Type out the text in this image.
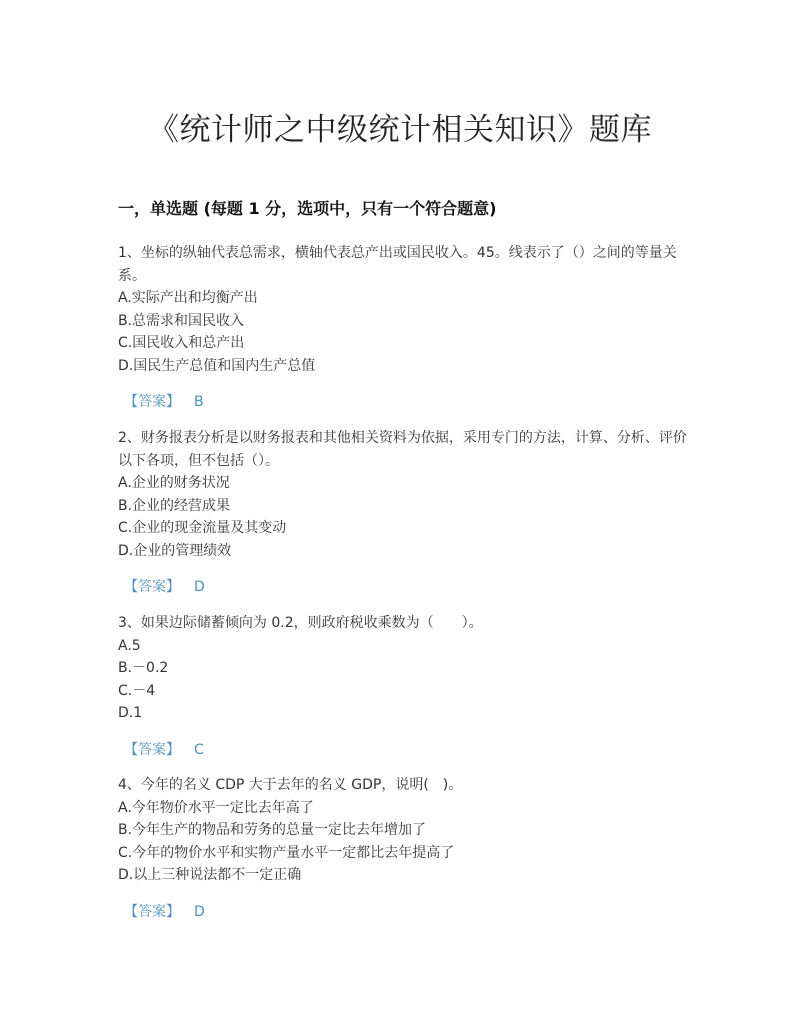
《统计师之中级统计相关知识》题库
一，单选题 (每题 1 分，选项中，只有一个符合题意)

1、坐标的纵轴代表总需求，横轴代表总产出或国民收入。45。线表示了（）之间的等量关系。

A.实际产出和均衡产出

B.总需求和国民收入

C.国民收入和总产出

D.国民生产总值和国内生产总值

【答案】 B

2、财务报表分析是以财务报表和其他相关资料为依据，采用专门的方法，计算、分析、评价以下各项，但不包括（）。

A.企业的财务状况

B.企业的经营成果

C.企业的现金流量及其变动

D.企业的管理绩效

【答案】 D

3、如果边际储蓄倾向为 0.2，则政府税收乘数为（　　）。

A.5

B.－0.2

C.－4

D.1

【答案】 C

4、今年的名义 CDP 大于去年的名义 GDP，说明(　)。

A.今年物价水平一定比去年高了

B.今年生产的物品和劳务的总量一定比去年增加了

C.今年的物价水平和实物产量水平一定都比去年提高了

D.以上三种说法都不一定正确

【答案】 D
